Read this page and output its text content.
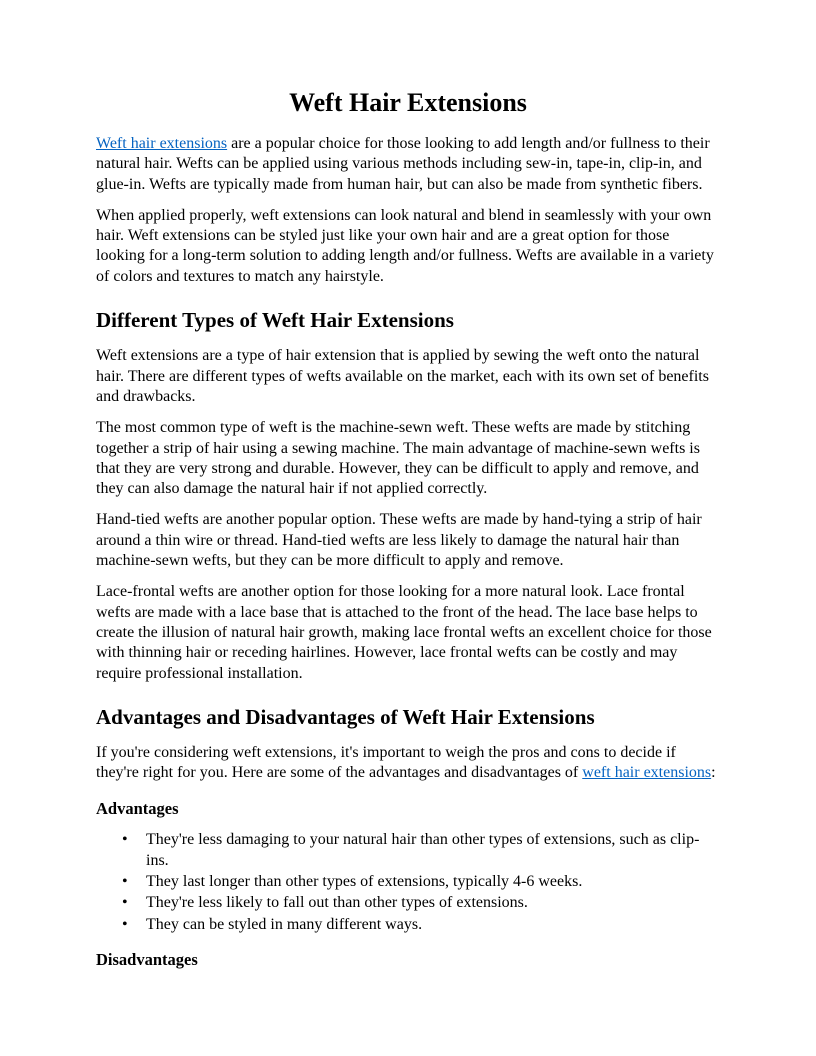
Weft Hair Extensions

Weft hair extensions are a popular choice for those looking to add length and/or fullness to their natural hair. Wefts can be applied using various methods including sew-in, tape-in, clip-in, and glue-in. Wefts are typically made from human hair, but can also be made from synthetic fibers.

When applied properly, weft extensions can look natural and blend in seamlessly with your own hair. Weft extensions can be styled just like your own hair and are a great option for those looking for a long-term solution to adding length and/or fullness. Wefts are available in a variety of colors and textures to match any hairstyle.

Different Types of Weft Hair Extensions

Weft extensions are a type of hair extension that is applied by sewing the weft onto the natural hair. There are different types of wefts available on the market, each with its own set of benefits and drawbacks.

The most common type of weft is the machine-sewn weft. These wefts are made by stitching together a strip of hair using a sewing machine. The main advantage of machine-sewn wefts is that they are very strong and durable. However, they can be difficult to apply and remove, and they can also damage the natural hair if not applied correctly.

Hand-tied wefts are another popular option. These wefts are made by hand-tying a strip of hair around a thin wire or thread. Hand-tied wefts are less likely to damage the natural hair than machine-sewn wefts, but they can be more difficult to apply and remove.

Lace-frontal wefts are another option for those looking for a more natural look. Lace frontal wefts are made with a lace base that is attached to the front of the head. The lace base helps to create the illusion of natural hair growth, making lace frontal wefts an excellent choice for those with thinning hair or receding hairlines. However, lace frontal wefts can be costly and may require professional installation.

Advantages and Disadvantages of Weft Hair Extensions

If you're considering weft extensions, it's important to weigh the pros and cons to decide if they're right for you. Here are some of the advantages and disadvantages of weft hair extensions:

Advantages
• They're less damaging to your natural hair than other types of extensions, such as clip-ins.
• They last longer than other types of extensions, typically 4-6 weeks.
• They're less likely to fall out than other types of extensions.
• They can be styled in many different ways.
Disadvantages
